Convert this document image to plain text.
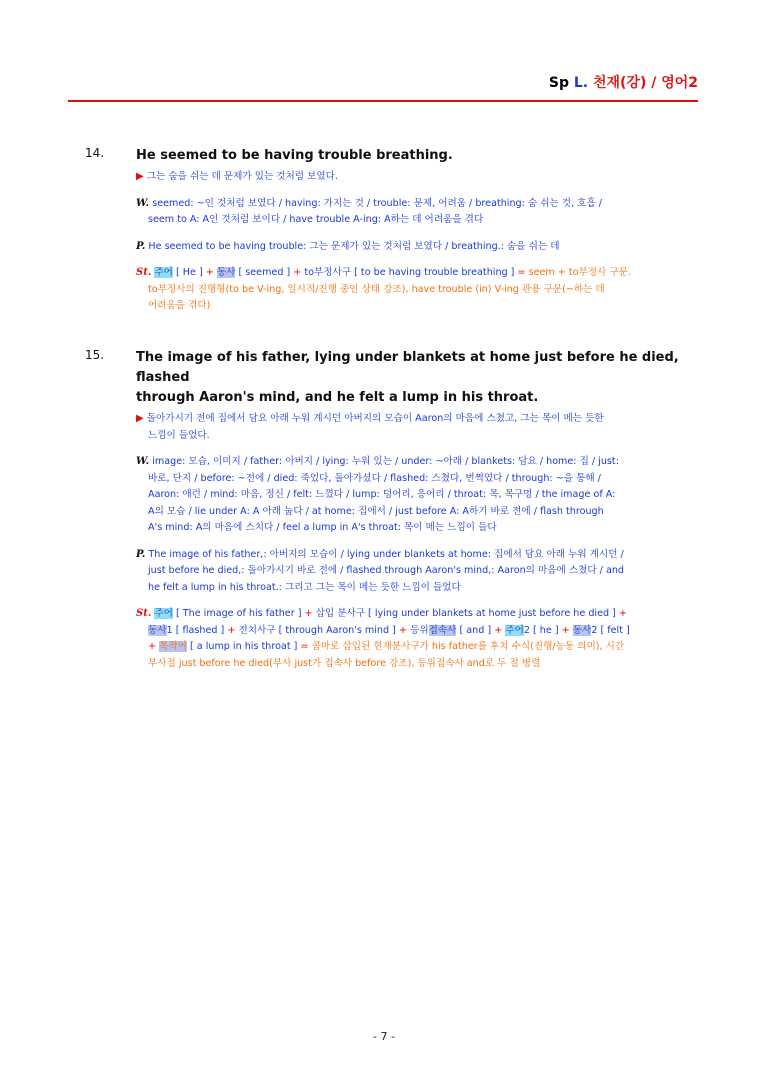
Sp L. 천재(강) / 영어2
14. He seemed to be having trouble breathing.
▶ 그는 숨을 쉬는 데 문제가 있는 것처럼 보였다.
W. seemed: ~인 것처럼 보였다 / having: 가지는 것 / trouble: 문제, 어려움 / breathing: 숨 쉬는 것, 호흡 /
seem to A: A인 것처럼 보이다 / have trouble A-ing: A하는 데 어려움을 겪다
P. He seemed to be having trouble: 그는 문제가 있는 것처럼 보였다 / breathing.: 숨을 쉬는 데
St. 주어 [ He ] + 동사 [ seemed ] + to부정사구 [ to be having trouble breathing ] = seem + to부정사 구문.
to부정사의 진행형(to be V-ing, 일시적/진행 중인 상태 강조), have trouble (in) V-ing 관용 구문(~하는 데
어려움을 겪다)
15. The image of his father, lying under blankets at home just before he died, flashed
through Aaron's mind, and he felt a lump in his throat.
▶ 돌아가시기 전에 집에서 담요 아래 누워 계시던 아버지의 모습이 Aaron의 마음에 스쳤고, 그는 목이 메는 듯한
느낌이 들었다.
W. image: 모습, 이미지 / father: 아버지 / lying: 누워 있는 / under: ~아래 / blankets: 담요 / home: 집 / just:
바로, 단지 / before: ~전에 / died: 죽었다, 돌아가셨다 / flashed: 스쳤다, 번쩍였다 / through: ~을 통해 /
Aaron: 애런 / mind: 마음, 정신 / felt: 느꼈다 / lump: 덩어리, 응어리 / throat: 목, 목구멍 / the image of A:
A의 모습 / lie under A: A 아래 눕다 / at home: 집에서 / just before A: A하기 바로 전에 / flash through
A's mind: A의 마음에 스치다 / feel a lump in A's throat: 목이 메는 느낌이 들다
P. The image of his father,: 아버지의 모습이 / lying under blankets at home: 집에서 담요 아래 누워 계시던 /
just before he died,: 돌아가시기 바로 전에 / flashed through Aaron's mind,: Aaron의 마음에 스쳤다 / and
he felt a lump in his throat.: 그리고 그는 목이 메는 듯한 느낌이 들었다
St. 주어 [ The image of his father ] + 삽입 분사구 [ lying under blankets at home just before he died ] +
동사1 [ flashed ] + 전치사구 [ through Aaron's mind ] + 등위접속사 [ and ] + 주어2 [ he ] + 동사2 [ felt ]
+ 목적어 [ a lump in his throat ] = 콤마로 삽입된 현재분사구가 his father를 후치 수식(진행/능동 의미), 시간
부사절 just before he died(부사 just가 접속사 before 강조), 등위접속사 and로 두 절 병렬
- 7 -
